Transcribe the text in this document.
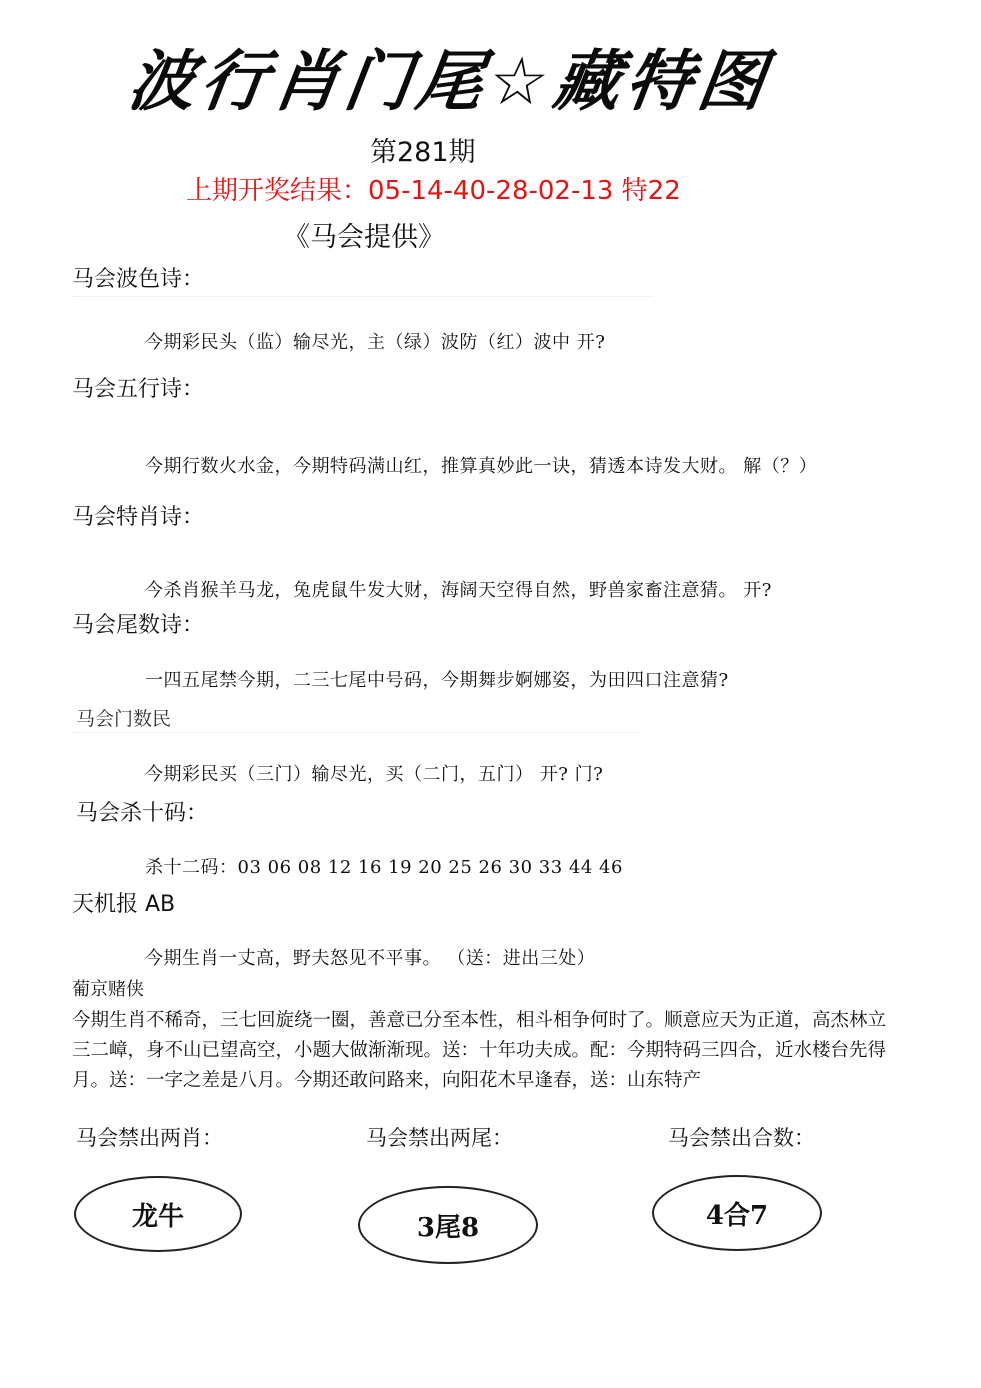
波行肖门尾☆藏特图
第281期
上期开奖结果：05-14-40-28-02-13 特22
《马会提供》
马会波色诗：
今期彩民头（监）输尽光，主（绿）波防（红）波中 开?
马会五行诗：
今期行数火水金，今期特码满山红，推算真妙此一诀，猜透本诗发大财。 解（？）
马会特肖诗：
今杀肖猴羊马龙，兔虎鼠牛发大财，海阔天空得自然，野兽家畜注意猜。 开?
马会尾数诗：
一四五尾禁今期，二三七尾中号码，今期舞步婀娜姿，为田四口注意猜?
马会门数民
今期彩民买（三门）输尽光，买（二门，五门） 开? 门?
马会杀十码：
杀十二码：03 06 08 12 16 19 20 25 26 30 33 44 46
天机报 AB
今期生肖一丈高，野夫怒见不平事。 （送：进出三处）
葡京赌侠
今期生肖不稀奇，三七回旋绕一圈，善意已分至本性，相斗相争何时了。顺意应天为正道，高杰林立三二嶂，身不山已望高空，小题大做渐渐现。送：十年功夫成。配：今期特码三四合，近水楼台先得月。送：一字之差是八月。今期还敢问路来，向阳花木早逢春，送：山东特产
马会禁出两肖：	马会禁出两尾：	马会禁出合数：
龙牛	3尾8	4合7
